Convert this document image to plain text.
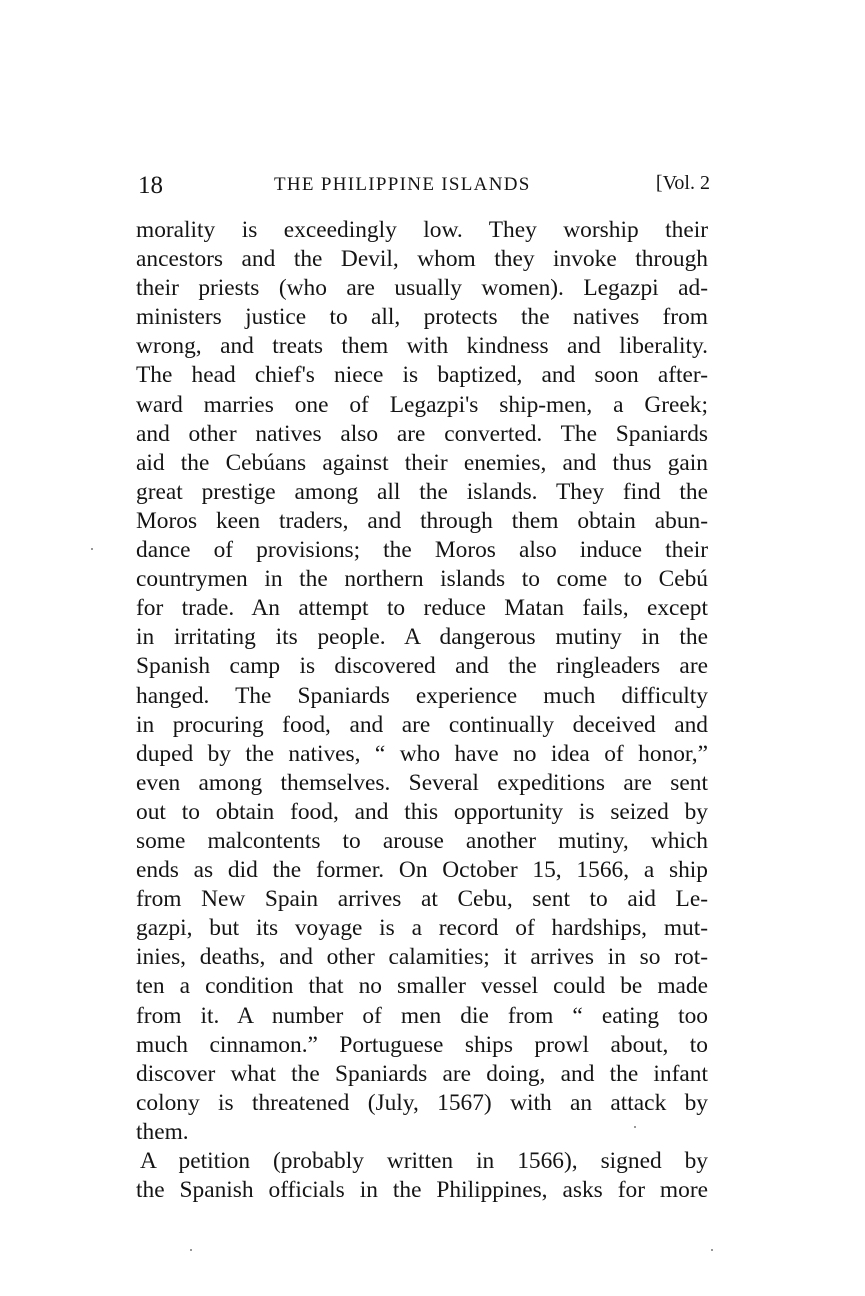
18	THE PHILIPPINE ISLANDS	[Vol. 2
morality is exceedingly low. They worship their
ancestors and the Devil, whom they invoke through
their priests (who are usually women). Legazpi ad-
ministers justice to all, protects the natives from
wrong, and treats them with kindness and liberality.
The head chief's niece is baptized, and soon after-
ward marries one of Legazpi's ship-men, a Greek;
and other natives also are converted. The Spaniards
aid the Cebúans against their enemies, and thus gain
great prestige among all the islands. They find the
Moros keen traders, and through them obtain abun-
dance of provisions; the Moros also induce their
countrymen in the northern islands to come to Cebú
for trade. An attempt to reduce Matan fails, except
in irritating its people. A dangerous mutiny in the
Spanish camp is discovered and the ringleaders are
hanged. The Spaniards experience much difficulty
in procuring food, and are continually deceived and
duped by the natives, “ who have no idea of honor,”
even among themselves. Several expeditions are sent
out to obtain food, and this opportunity is seized by
some malcontents to arouse another mutiny, which
ends as did the former. On October 15, 1566, a ship
from New Spain arrives at Cebu, sent to aid Le-
gazpi, but its voyage is a record of hardships, mut-
inies, deaths, and other calamities; it arrives in so rot-
ten a condition that no smaller vessel could be made
from it. A number of men die from “ eating too
much cinnamon.” Portuguese ships prowl about, to
discover what the Spaniards are doing, and the infant
colony is threatened (July, 1567) with an attack by
them.
A petition (probably written in 1566), signed by
the Spanish officials in the Philippines, asks for more
